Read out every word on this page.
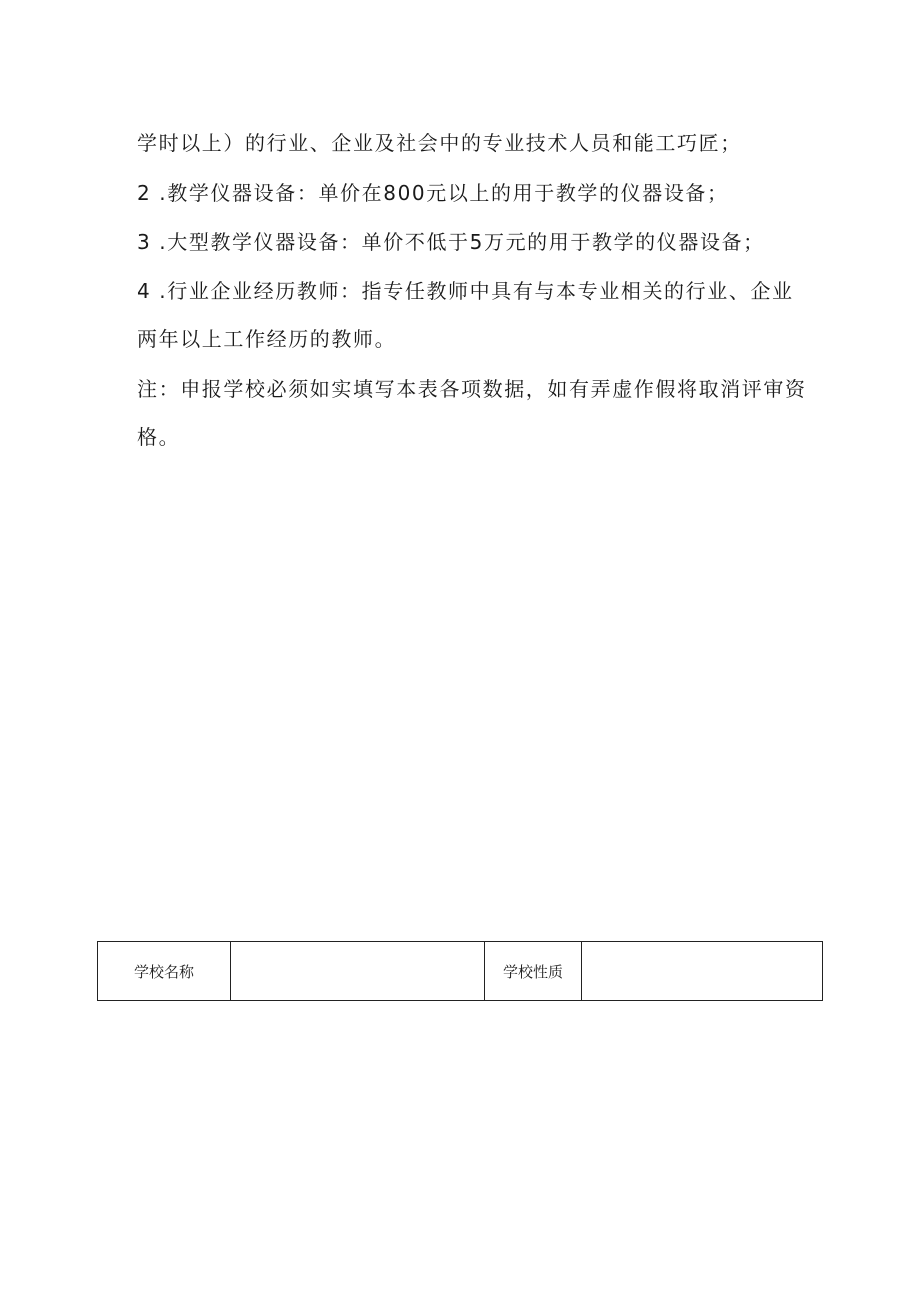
学时以上）的行业、企业及社会中的专业技术人员和能工巧匠；
2 .教学仪器设备：单价在800元以上的用于教学的仪器设备；
3 .大型教学仪器设备：单价不低于5万元的用于教学的仪器设备；
4 .行业企业经历教师：指专任教师中具有与本专业相关的行业、企业
两年以上工作经历的教师。
注：申报学校必须如实填写本表各项数据，如有弄虚作假将取消评审资
格。
学校名称	学校性质
